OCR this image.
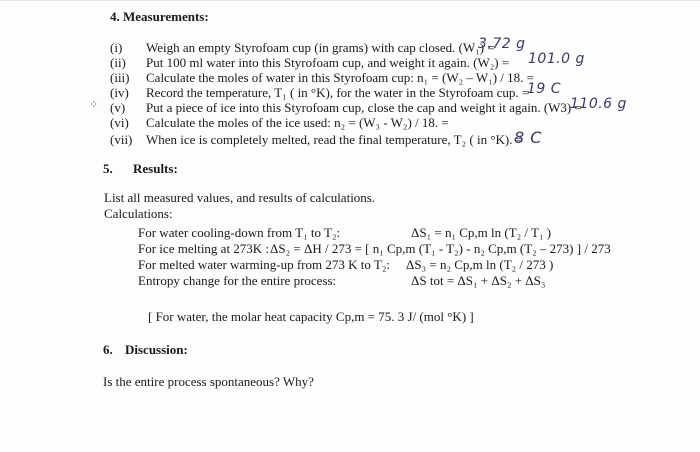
4. Measurements:
(i) Weigh an empty Styrofoam cup (in grams) with cap closed. (W₁) =
3.72 g
(ii) Put 100 ml water into this Styrofoam cup, and weight it again. (W₂) = 101.0 g
(iii) Calculate the moles of water in this Styrofoam cup: n₁ = (W₂ – W₁) / 18. =
(iv) Record the temperature, T₁ ( in °K), for the water in the Styrofoam cup. =
19 C
⁘ (v) Put a piece of ice into this Styrofoam cup, close the cap and weight it again. (W3) =
110.6 g
(vi) Calculate the moles of the ice used: n₂ = (W₃ - W₂) / 18. =
(vii) When ice is completely melted, read the final temperature, T₂ ( in °K). =
8 C
5. Results:
List all measured values, and results of calculations.
Calculations:
For water cooling-down from T₁ to T₂:	ΔS₁ = n₁ Cp,m ln (T₂ / T₁ )
For ice melting at 273K : ΔS₂ = ΔH / 273 = [ n₁ Cp,m (T₁ - T₂) - n₂ Cp,m (T₂ – 273) ] / 273
For melted water warming-up from 273 K to T₂: ΔS₃ = n₂ Cp,m ln (T₂ / 273 )
Entropy change for the entire process:	ΔS tot = ΔS₁ + ΔS₂ + ΔS₃
[ For water, the molar heat capacity Cp,m = 75. 3 J/ (mol °K) ]
6. Discussion:
Is the entire process spontaneous? Why?
